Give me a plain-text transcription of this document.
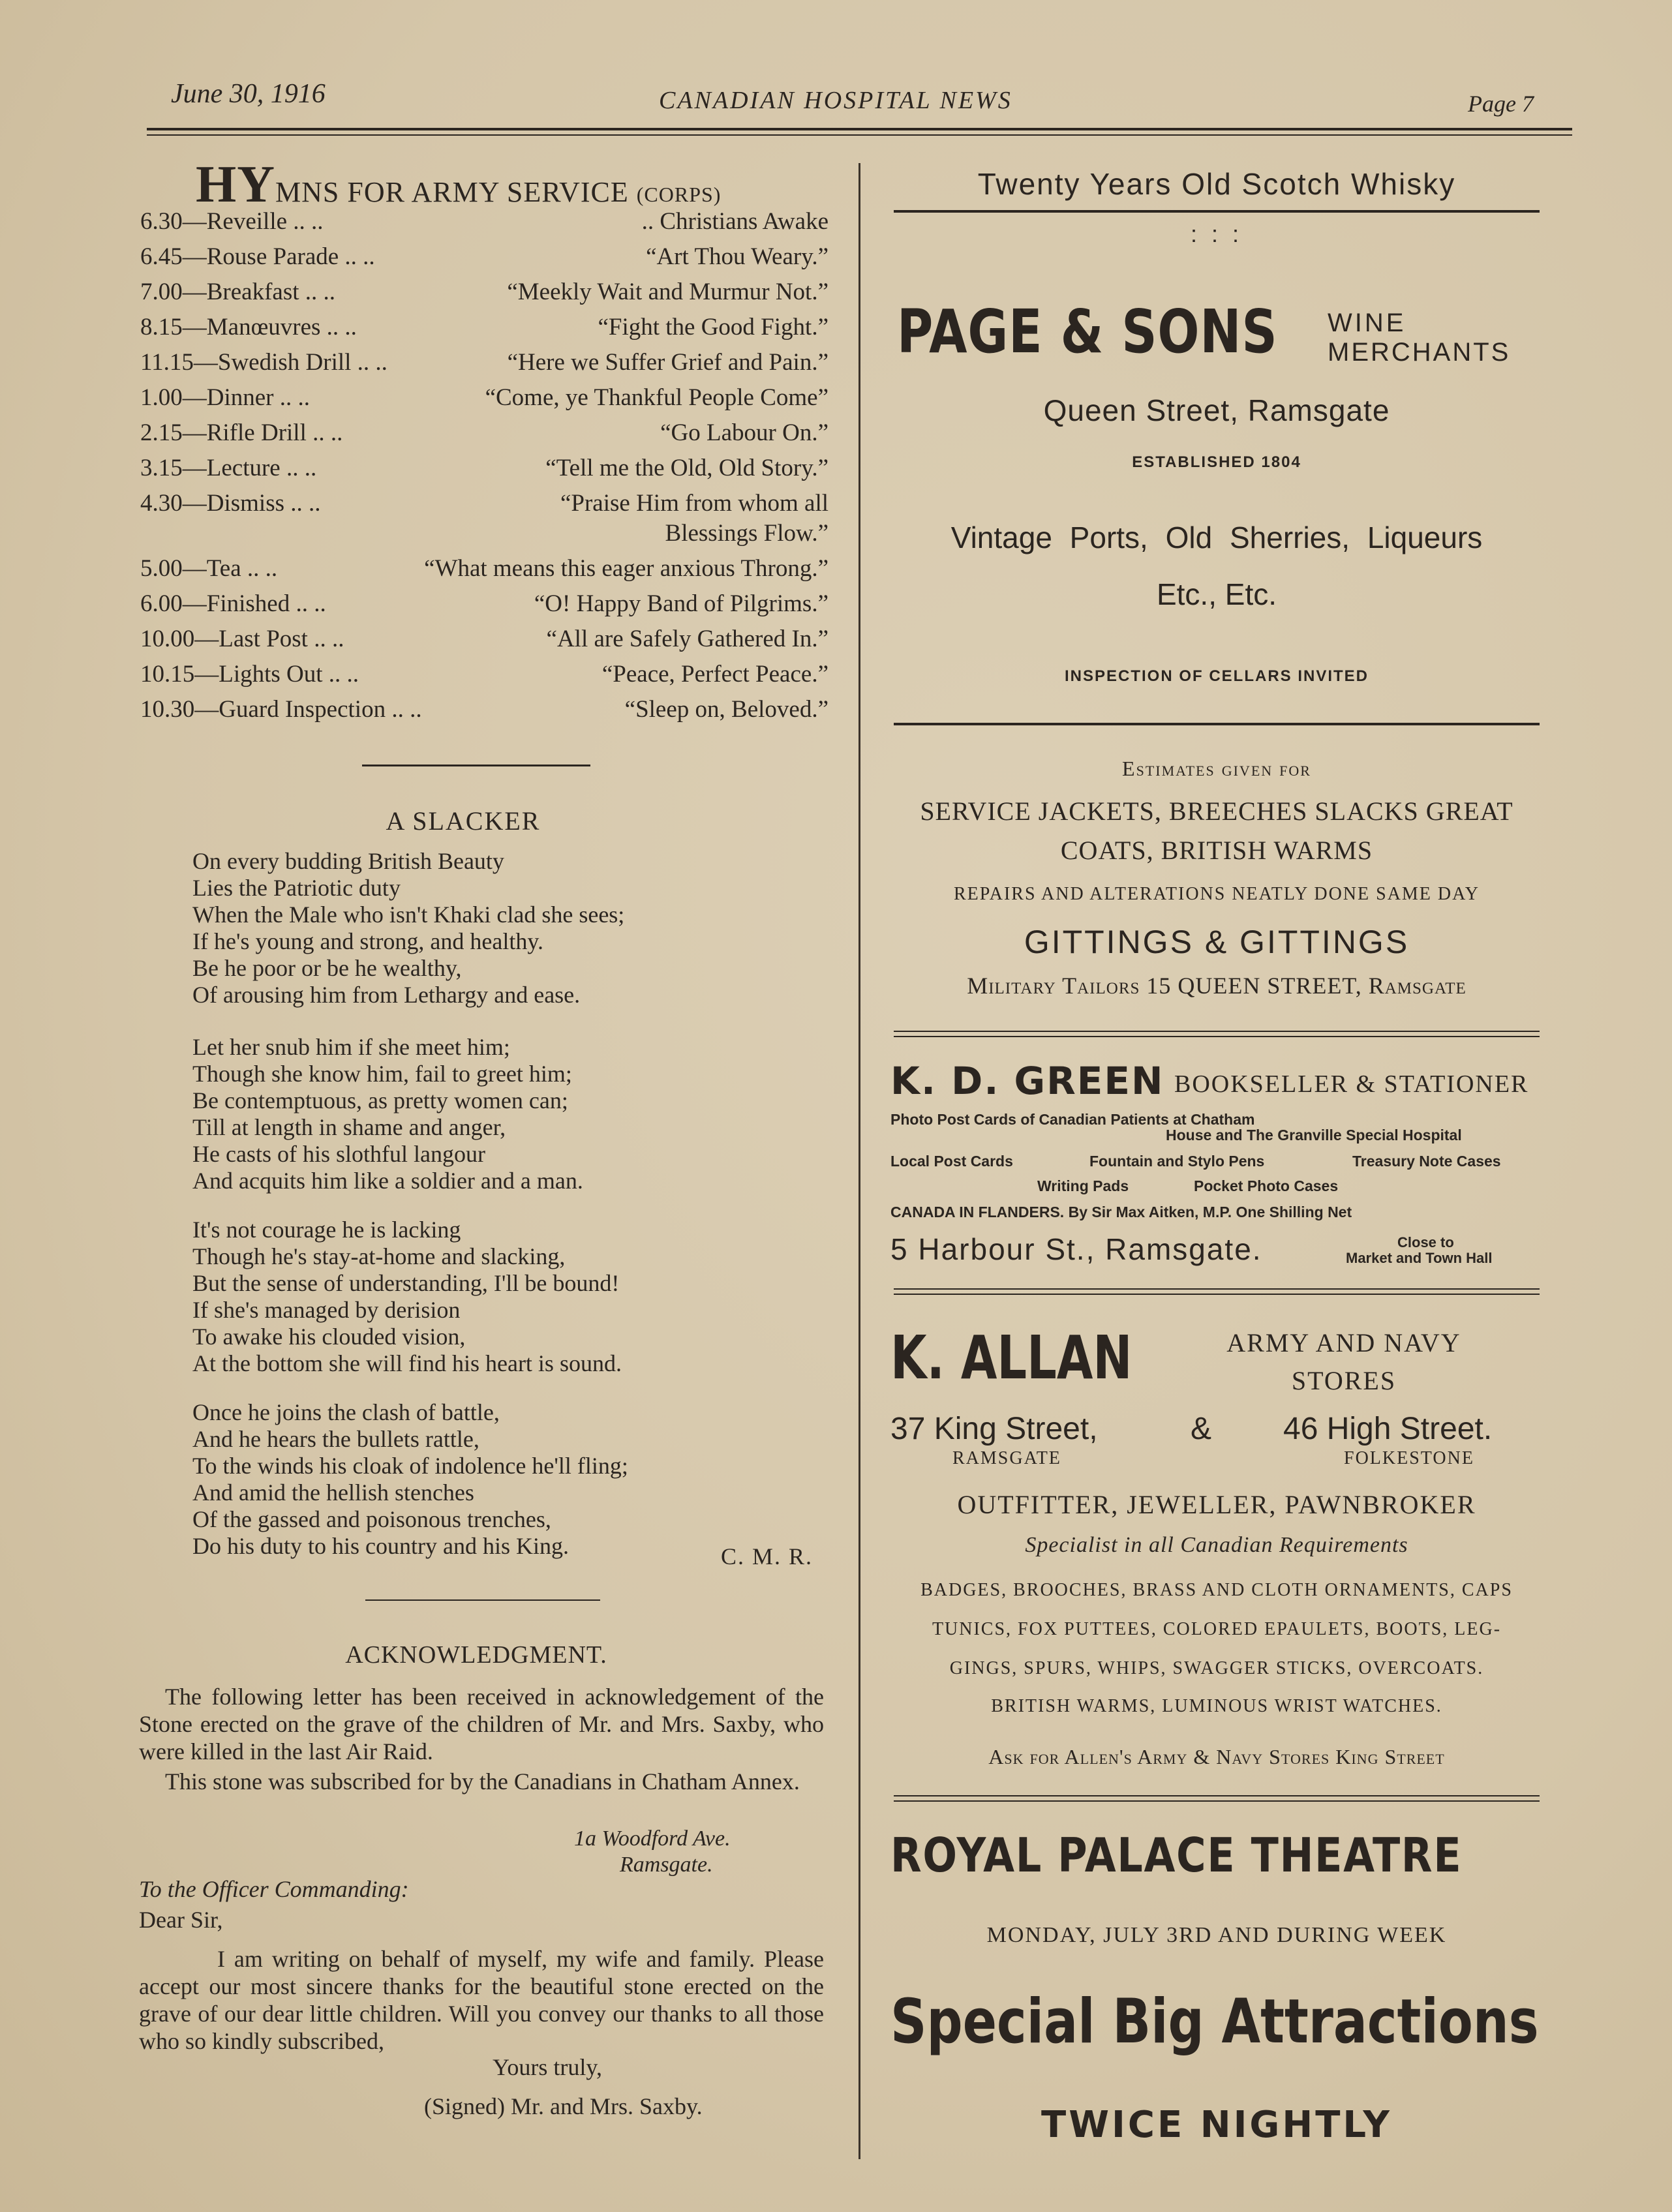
June 30, 1916	CANADIAN HOSPITAL NEWS	Page 7
HYMNS FOR ARMY SERVICE (CORPS)
6.30—Reveille .. ..	.. Christians Awake
6.45—Rouse Parade .. ..	“Art Thou Weary.”
7.00—Breakfast .. ..	“Meekly Wait and Murmur Not.”
8.15—Manœuvres .. ..	“Fight the Good Fight.”
11.15—Swedish Drill .. ..	“Here we Suffer Grief and Pain.”
1.00—Dinner .. ..	“Come, ye Thankful People Come”
2.15—Rifle Drill .. ..	“Go Labour On.”
3.15—Lecture .. ..	“Tell me the Old, Old Story.”
4.30—Dismiss .. ..	“Praise Him from whom all
Blessings Flow.”
5.00—Tea .. ..	“What means this eager anxious Throng.”
6.00—Finished .. ..	“O! Happy Band of Pilgrims.”
10.00—Last Post .. ..	“All are Safely Gathered In.”
10.15—Lights Out .. ..	“Peace, Perfect Peace.”
10.30—Guard Inspection .. ..	“Sleep on, Beloved.”
A SLACKER
On every budding British Beauty
Lies the Patriotic duty
When the Male who isn't Khaki clad she sees;
If he's young and strong, and healthy.
Be he poor or be he wealthy,
Of arousing him from Lethargy and ease.
Let her snub him if she meet him;
Though she know him, fail to greet him;
Be contemptuous, as pretty women can;
Till at length in shame and anger,
He casts of his slothful langour
And acquits him like a soldier and a man.
It's not courage he is lacking
Though he's stay-at-home and slacking,
But the sense of understanding, I'll be bound!
If she's managed by derision
To awake his clouded vision,
At the bottom she will find his heart is sound.
Once he joins the clash of battle,
And he hears the bullets rattle,
To the winds his cloak of indolence he'll fling;
And amid the hellish stenches
Of the gassed and poisonous trenches,
Do his duty to his country and his King.	C. M. R.
ACKNOWLEDGMENT.
The following letter has been received in acknowledgement of the Stone erected on the grave of the children of Mr. and Mrs. Saxby, who were killed in the last Air Raid.
This stone was subscribed for by the Canadians in Chatham Annex.
1a Woodford Ave.
Ramsgate.
To the Officer Commanding:
Dear Sir,
I am writing on behalf of myself, my wife and family. Please accept our most sincere thanks for the beautiful stone erected on the grave of our dear little children. Will you convey our thanks to all those who so kindly subscribed,
Yours truly,
(Signed) Mr. and Mrs. Saxby.
Twenty Years Old Scotch Whisky
: : :
PAGE & SONS WINE
MERCHANTS
Queen Street, Ramsgate
ESTABLISHED 1804
Vintage Ports, Old Sherries, Liqueurs
Etc., Etc.
INSPECTION OF CELLARS INVITED
Estimates given for
SERVICE JACKETS, BREECHES SLACKS GREAT
COATS, BRITISH WARMS
REPAIRS AND ALTERATIONS NEATLY DONE SAME DAY
GITTINGS & GITTINGS
Military Tailors 15 QUEEN STREET, Ramsgate
K. D. GREEN BOOKSELLER & STATIONER
Photo Post Cards of Canadian Patients at Chatham
House and The Granville Special Hospital
Local Post Cards	Fountain and Stylo Pens	Treasury Note Cases
Writing Pads	Pocket Photo Cases
CANADA IN FLANDERS. By Sir Max Aitken, M.P. One Shilling Net
5 Harbour St., Ramsgate.	Close to
Market and Town Hall
K. ALLAN	ARMY AND NAVY
STORES
37 King Street,	& 46 High Street.
RAMSGATE	FOLKESTONE
OUTFITTER, JEWELLER, PAWNBROKER
Specialist in all Canadian Requirements
BADGES, BROOCHES, BRASS AND CLOTH ORNAMENTS, CAPS
TUNICS, FOX PUTTEES, COLORED EPAULETS, BOOTS, LEG-
GINGS, SPURS, WHIPS, SWAGGER STICKS, OVERCOATS.
BRITISH WARMS, LUMINOUS WRIST WATCHES.
Ask for Allen's Army & Navy Stores King Street
ROYAL PALACE THEATRE
MONDAY, JULY 3RD AND DURING WEEK
Special Big Attractions
TWICE NIGHTLY
